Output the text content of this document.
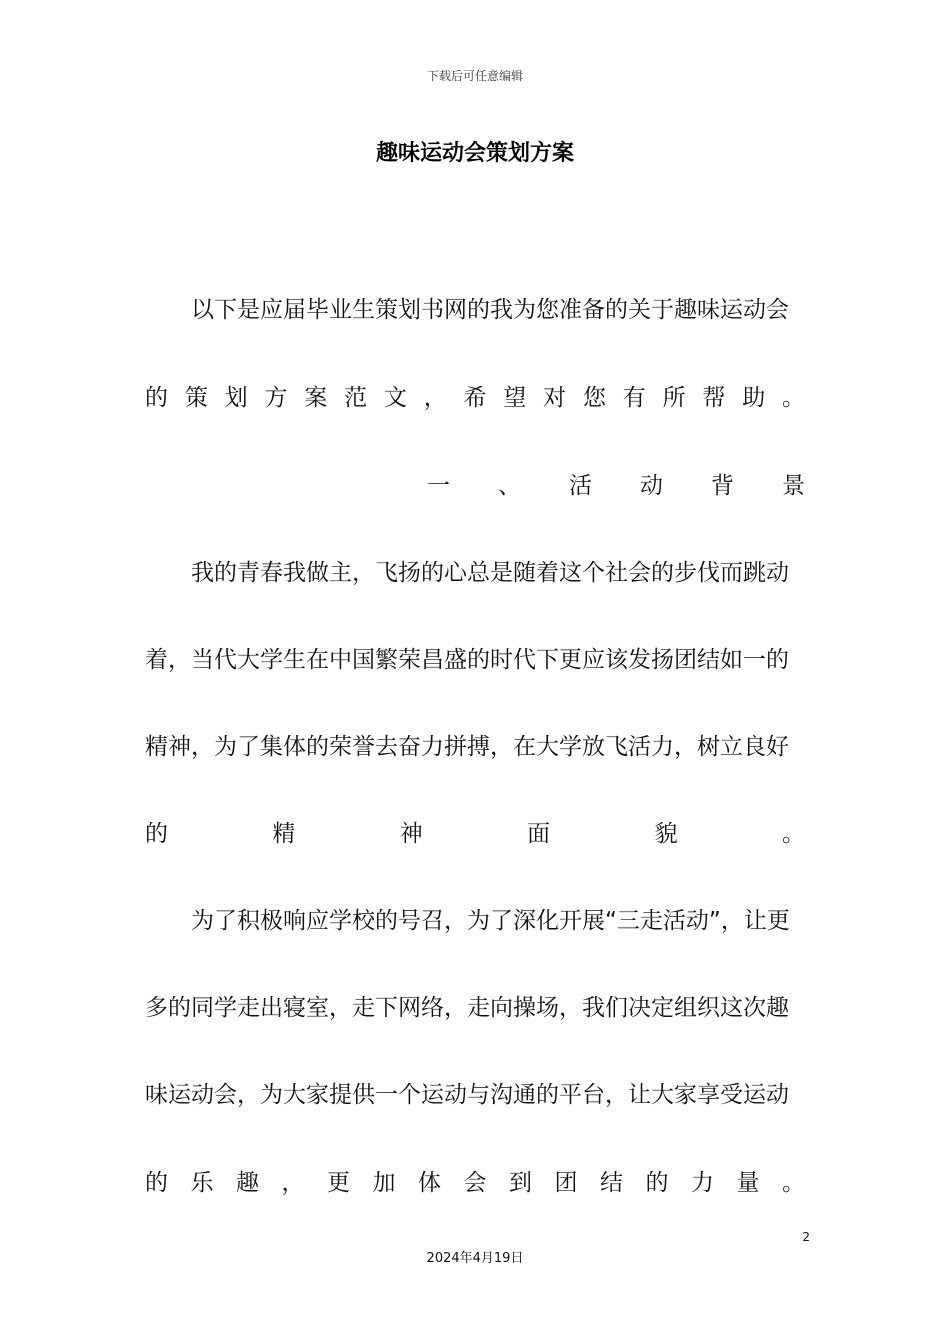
下载后可任意编辑
趣味运动会策划方案
以下是应届毕业生策划书网的我为您准备的关于趣味运动会
的 策 划 方 案 范 文 ， 希 望 对 您 有 所 帮 助 。
一 、 活 动 背 景
我的青春我做主，飞扬的心总是随着这个社会的步伐而跳动
着，当代大学生在中国繁荣昌盛的时代下更应该发扬团结如一的
精神，为了集体的荣誉去奋力拼搏，在大学放飞活力，树立良好
的	精	神	面	貌	。
为了积极响应学校的号召，为了深化开展“三走活动”，让更
多的同学走出寝室，走下网络，走向操场，我们决定组织这次趣
味运动会，为大家提供一个运动与沟通的平台，让大家享受运动
的 乐 趣 ， 更 加 体 会 到 团 结 的 力 量 。
2
2024年4月19日
